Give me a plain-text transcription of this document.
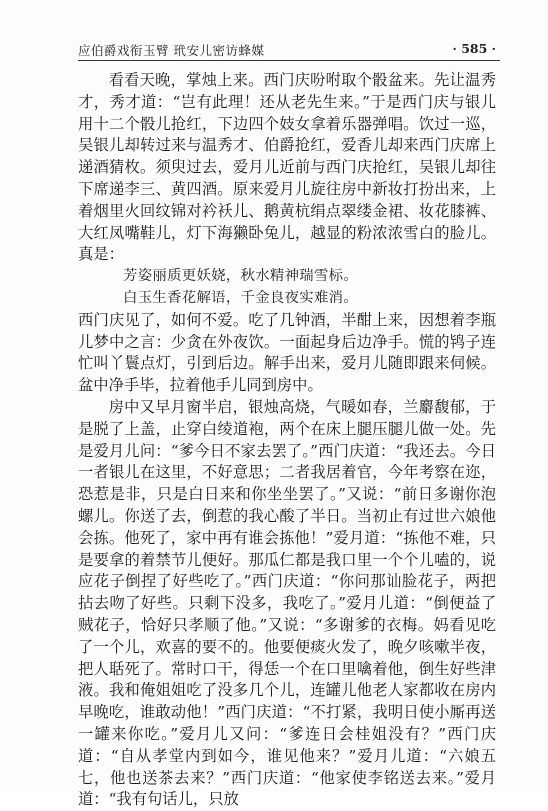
应伯爵戏衔玉臂 玳安儿密访蜂媒	· 585 ·

看看天晚，掌烛上来。西门庆吩咐取个骰盆来。先让温秀才，秀才道：“岂有此理！还从老先生来。”于是西门庆与银儿用十二个骰儿抢红，下边四个妓女拿着乐器弹唱。饮过一巡，吴银儿却转过来与温秀才、伯爵抢红，爱香儿却来西门庆席上递酒猜枚。须臾过去，爱月儿近前与西门庆抢红，吴银儿却往下席递李三、黄四酒。原来爱月儿旋往房中新妆打扮出来，上着烟里火回纹锦对衿袄儿、鹅黄杭绢点翠缕金裙、妆花膝裤、大红凤嘴鞋儿，灯下海獭卧兔儿，越显的粉浓浓雪白的脸儿。真是：

芳姿丽质更妖娆，秋水精神瑞雪标。

白玉生香花解语，千金良夜实难消。

西门庆见了，如何不爱。吃了几钟酒，半酣上来，因想着李瓶儿梦中之言：少贪在外夜饮。一面起身后边净手。慌的鸨子连忙叫丫鬟点灯，引到后边。解手出来，爱月儿随即跟来伺候。盆中净手毕，拉着他手儿同到房中。

房中又早月窗半启，银烛高烧，气暖如春，兰麝馥郁，于是脱了上盖，止穿白绫道袍，两个在床上腿压腿儿做一处。先是爱月儿问：“爹今日不家去罢了。”西门庆道：“我还去。今日一者银儿在这里，不好意思；二者我居着官，今年考察在迩，恐惹是非，只是白日来和你坐坐罢了。”又说：“前日多谢你泡螺儿。你送了去，倒惹的我心酸了半日。当初止有过世六娘他会拣。他死了，家中再有谁会拣他！”爱月道：“拣他不难，只是要拿的着禁节儿便好。那瓜仁都是我口里一个个儿嗑的，说应花子倒捏了好些吃了。”西门庆道：“你问那讪脸花子，两把拈去吻了好些。只剩下没多，我吃了。”爱月儿道：“倒便益了贼花子，恰好只孝顺了他。”又说：“多谢爹的衣梅。妈看见吃了一个儿，欢喜的要不的。他要便痰火发了，晚夕咳嗽半夜，把人聒死了。常时口干，得恁一个在口里噙着他，倒生好些津液。我和俺姐姐吃了没多几个儿，连罐儿他老人家都收在房内早晚吃，谁敢动他！”西门庆道：“不打紧，我明日使小厮再送一罐来你吃。”爱月儿又问：“爹连日会桂姐没有？”西门庆道：“自从孝堂内到如今，谁见他来？”爱月儿道：“六娘五七，他也送茶去来？”西门庆道：“他家使李铭送去来。”爱月道：“我有句话儿，只放
